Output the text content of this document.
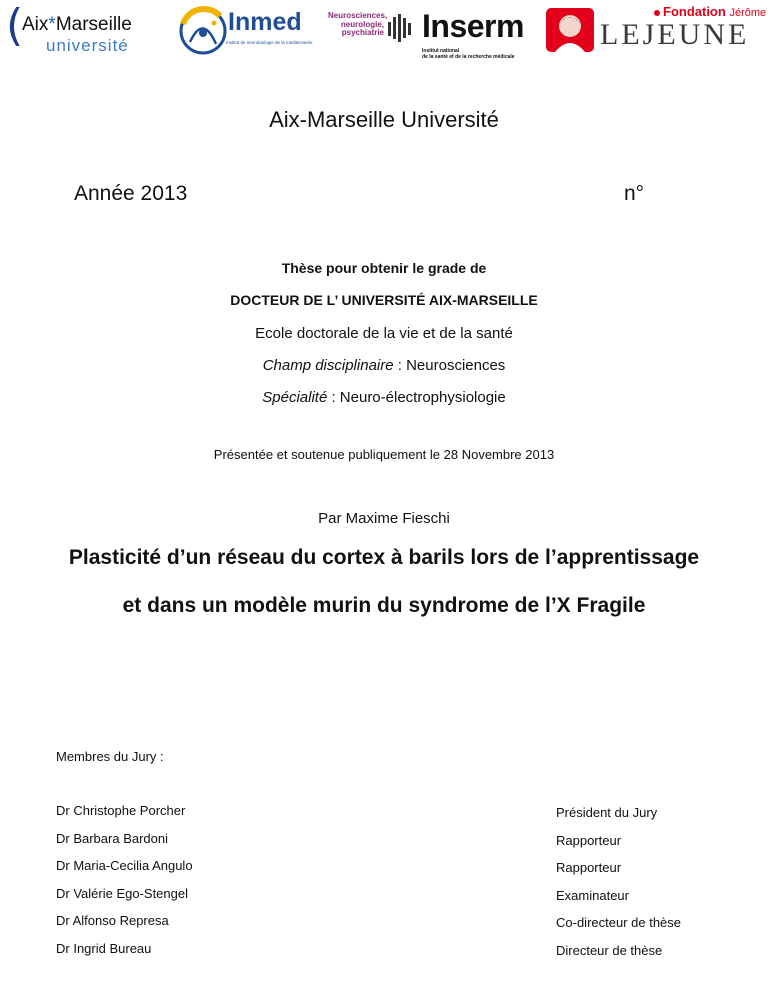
(
Aix*Marseille
université
Inmed
Institut de neurobiologie de la méditerranée
Neurosciences, neurologie, psychiatrie Inserm
Institut national
de la santé et de la recherche médicale
Fondation Jérôme
LEJEUNE
Aix-Marseille Université
Année 2013	n°
Thèse pour obtenir le grade de
DOCTEUR DE L’ UNIVERSITÉ AIX-MARSEILLE
Ecole doctorale de la vie et de la santé
Champ disciplinaire : Neurosciences
Spécialité : Neuro-électrophysiologie
Présentée et soutenue publiquement le 28 Novembre 2013
Par Maxime Fieschi
Plasticité d’un réseau du cortex à barils lors de l’apprentissage
et dans un modèle murin du syndrome de l’X Fragile
Membres du Jury :
Dr Christophe Porcher	Président du Jury
Dr Barbara Bardoni	Rapporteur
Dr Maria-Cecilia Angulo	Rapporteur
Dr Valérie Ego-Stengel	Examinateur
Dr Alfonso Represa	Co-directeur de thèse
Dr Ingrid Bureau	Directeur de thèse
